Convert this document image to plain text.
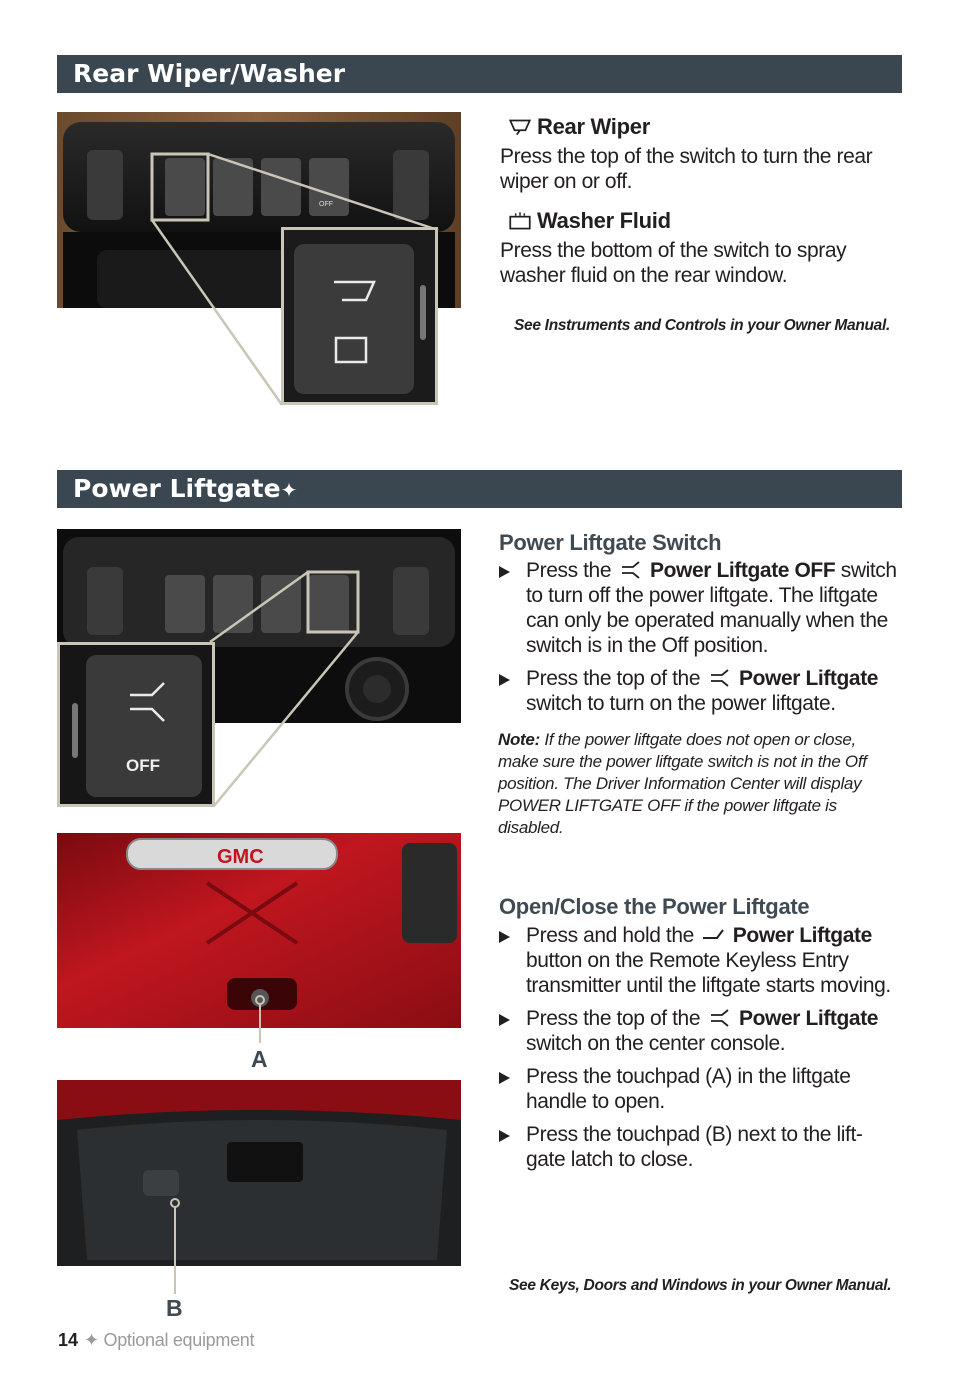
Rear Wiper/Washer
OFF
Rear Wiper
Press the top of the switch to turn the rear wiper on or off.
Washer Fluid
Press the bottom of the switch to spray washer fluid on the rear window.
See Instruments and Controls in your Owner Manual.
Power Liftgate✦
OFF
Power Liftgate Switch
Press the Power Liftgate OFF switch to turn off the power liftgate. The liftgate can only be operated manually when the switch is in the Off position.
Press the top of the Power Liftgate switch to turn on the power liftgate.
Note: If the power liftgate does not open or close, make sure the power liftgate switch is not in the Off position. The Driver Information Center will display POWER LIFTGATE OFF if the power liftgate is disabled.
GMC
A
B
Open/Close the Power Liftgate
Press and hold the Power Liftgate button on the Remote Keyless Entry transmitter until the liftgate starts moving.
Press the top of the Power Liftgate switch on the center console.
Press the touchpad (A) in the liftgate handle to open.
Press the touchpad (B) next to the lift-gate latch to close.
See Keys, Doors and Windows in your Owner Manual.
14 ✦ Optional equipment
